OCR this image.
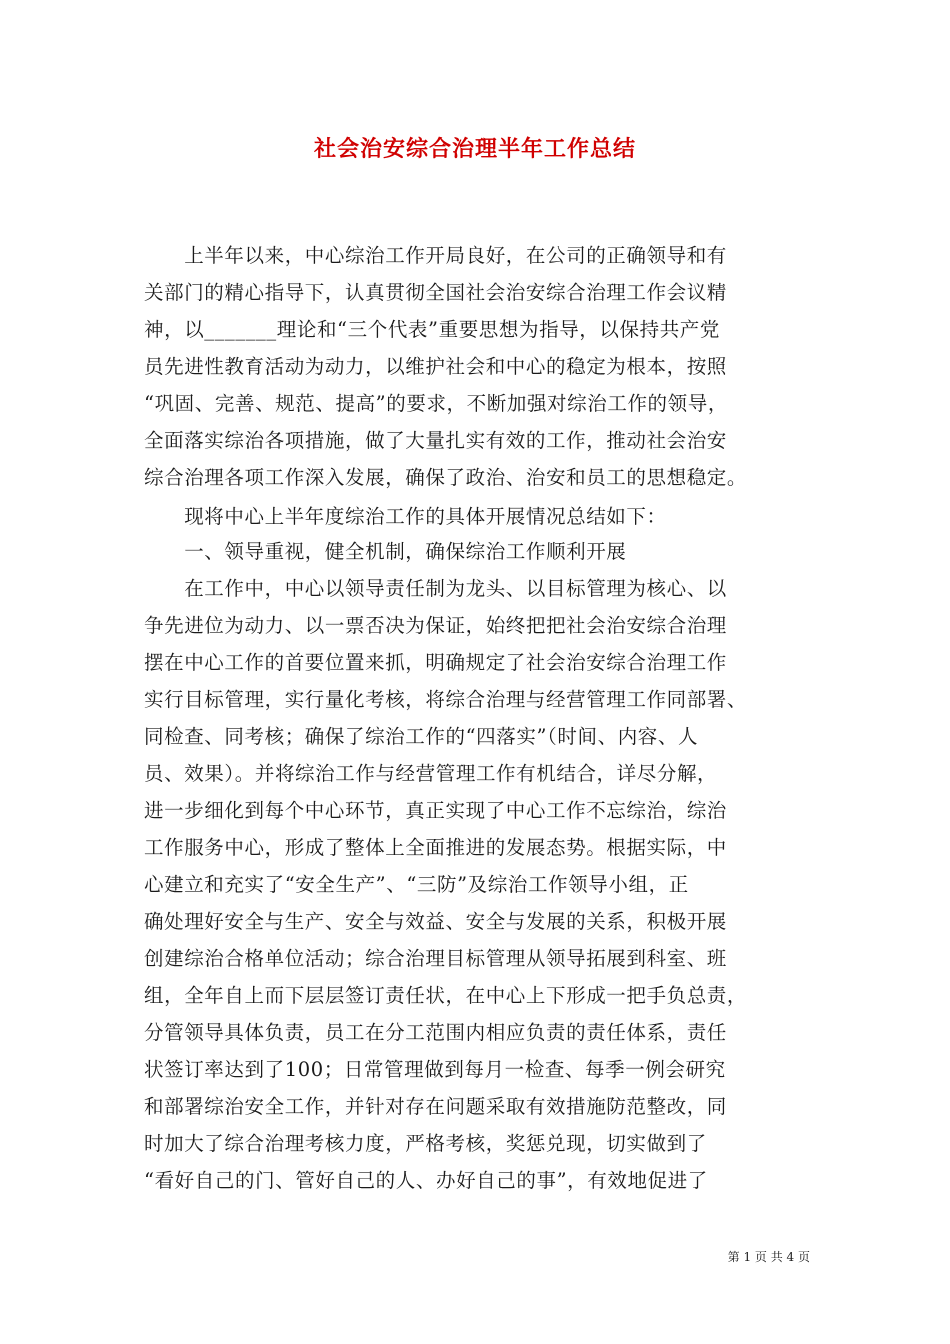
社会治安综合治理半年工作总结
　　上半年以来，中心综治工作开局良好，在公司的正确领导和有
关部门的精心指导下，认真贯彻全国社会治安综合治理工作会议精
神，以_______理论和“三个代表”重要思想为指导，以保持共产党
员先进性教育活动为动力，以维护社会和中心的稳定为根本，按照
“巩固、完善、规范、提高”的要求，不断加强对综治工作的领导，
全面落实综治各项措施，做了大量扎实有效的工作，推动社会治安
综合治理各项工作深入发展，确保了政治、治安和员工的思想稳定。
　　现将中心上半年度综治工作的具体开展情况总结如下：
　　一、领导重视，健全机制，确保综治工作顺利开展
　　在工作中，中心以领导责任制为龙头、以目标管理为核心、以
争先进位为动力、以一票否决为保证，始终把把社会治安综合治理
摆在中心工作的首要位置来抓，明确规定了社会治安综合治理工作
实行目标管理，实行量化考核，将综合治理与经营管理工作同部署、
同检查、同考核；确保了综治工作的“四落实”（时间、内容、人
员、效果）。并将综治工作与经营管理工作有机结合，详尽分解，
进一步细化到每个中心环节，真正实现了中心工作不忘综治，综治
工作服务中心，形成了整体上全面推进的发展态势。根据实际，中
心建立和充实了“安全生产”、“三防”及综治工作领导小组，正
确处理好安全与生产、安全与效益、安全与发展的关系，积极开展
创建综治合格单位活动；综合治理目标管理从领导拓展到科室、班
组，全年自上而下层层签订责任状，在中心上下形成一把手负总责，
分管领导具体负责，员工在分工范围内相应负责的责任体系，责任
状签订率达到了100；日常管理做到每月一检查、每季一例会研究
和部署综治安全工作，并针对存在问题采取有效措施防范整改，同
时加大了综合治理考核力度，严格考核，奖惩兑现，切实做到了
“看好自己的门、管好自己的人、办好自己的事”，有效地促进了
第 1 页 共 4 页
